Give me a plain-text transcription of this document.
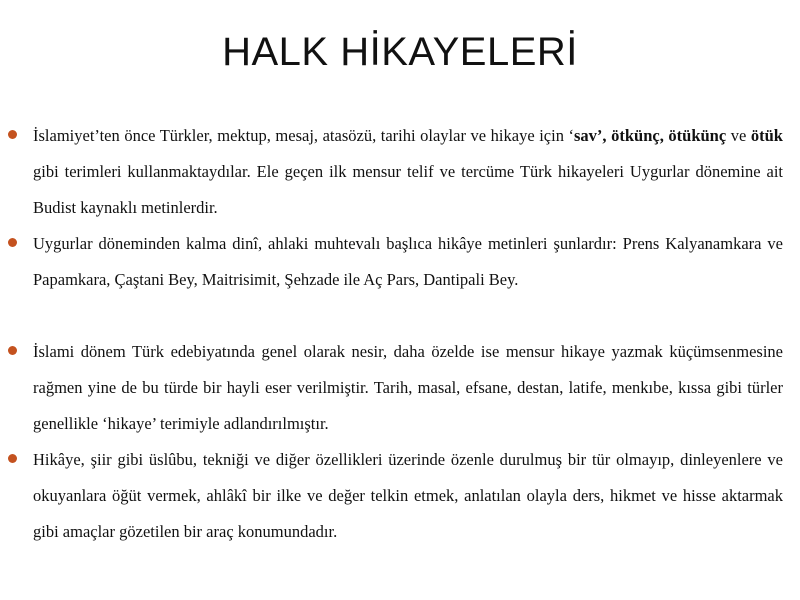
HALK HİKAYELERİ
İslamiyet’ten önce Türkler, mektup, mesaj, atasözü, tarihi olaylar ve hikaye için ‘sav’, ötkünç, ötükünç ve ötük gibi terimleri kullanmaktaydılar. Ele geçen ilk mensur telif ve tercüme Türk hikayeleri Uygurlar dönemine ait Budist kaynaklı metinlerdir.
Uygurlar döneminden kalma dinî, ahlaki muhtevalı başlıca hikâye metinleri şunlardır: Prens Kalyanamkara ve Papamkara, Çaştani Bey, Maitrisimit, Şehzade ile Aç Pars, Dantipali Bey.
İslami dönem Türk edebiyatında genel olarak nesir, daha özelde ise mensur hikaye yazmak küçümsenmesine rağmen yine de bu türde bir hayli eser verilmiştir. Tarih, masal, efsane, destan, latife, menkıbe, kıssa gibi türler genellikle ‘hikaye’ terimiyle adlandırılmıştır.
Hikâye, şiir gibi üslûbu, tekniği ve diğer özellikleri üzerinde özenle durulmuş bir tür olmayıp, dinleyenlere ve okuyanlara öğüt vermek, ahlâkî bir ilke ve değer telkin etmek, anlatılan olayla ders, hikmet ve hisse aktarmak gibi amaçlar gözetilen bir araç konumundadır.
